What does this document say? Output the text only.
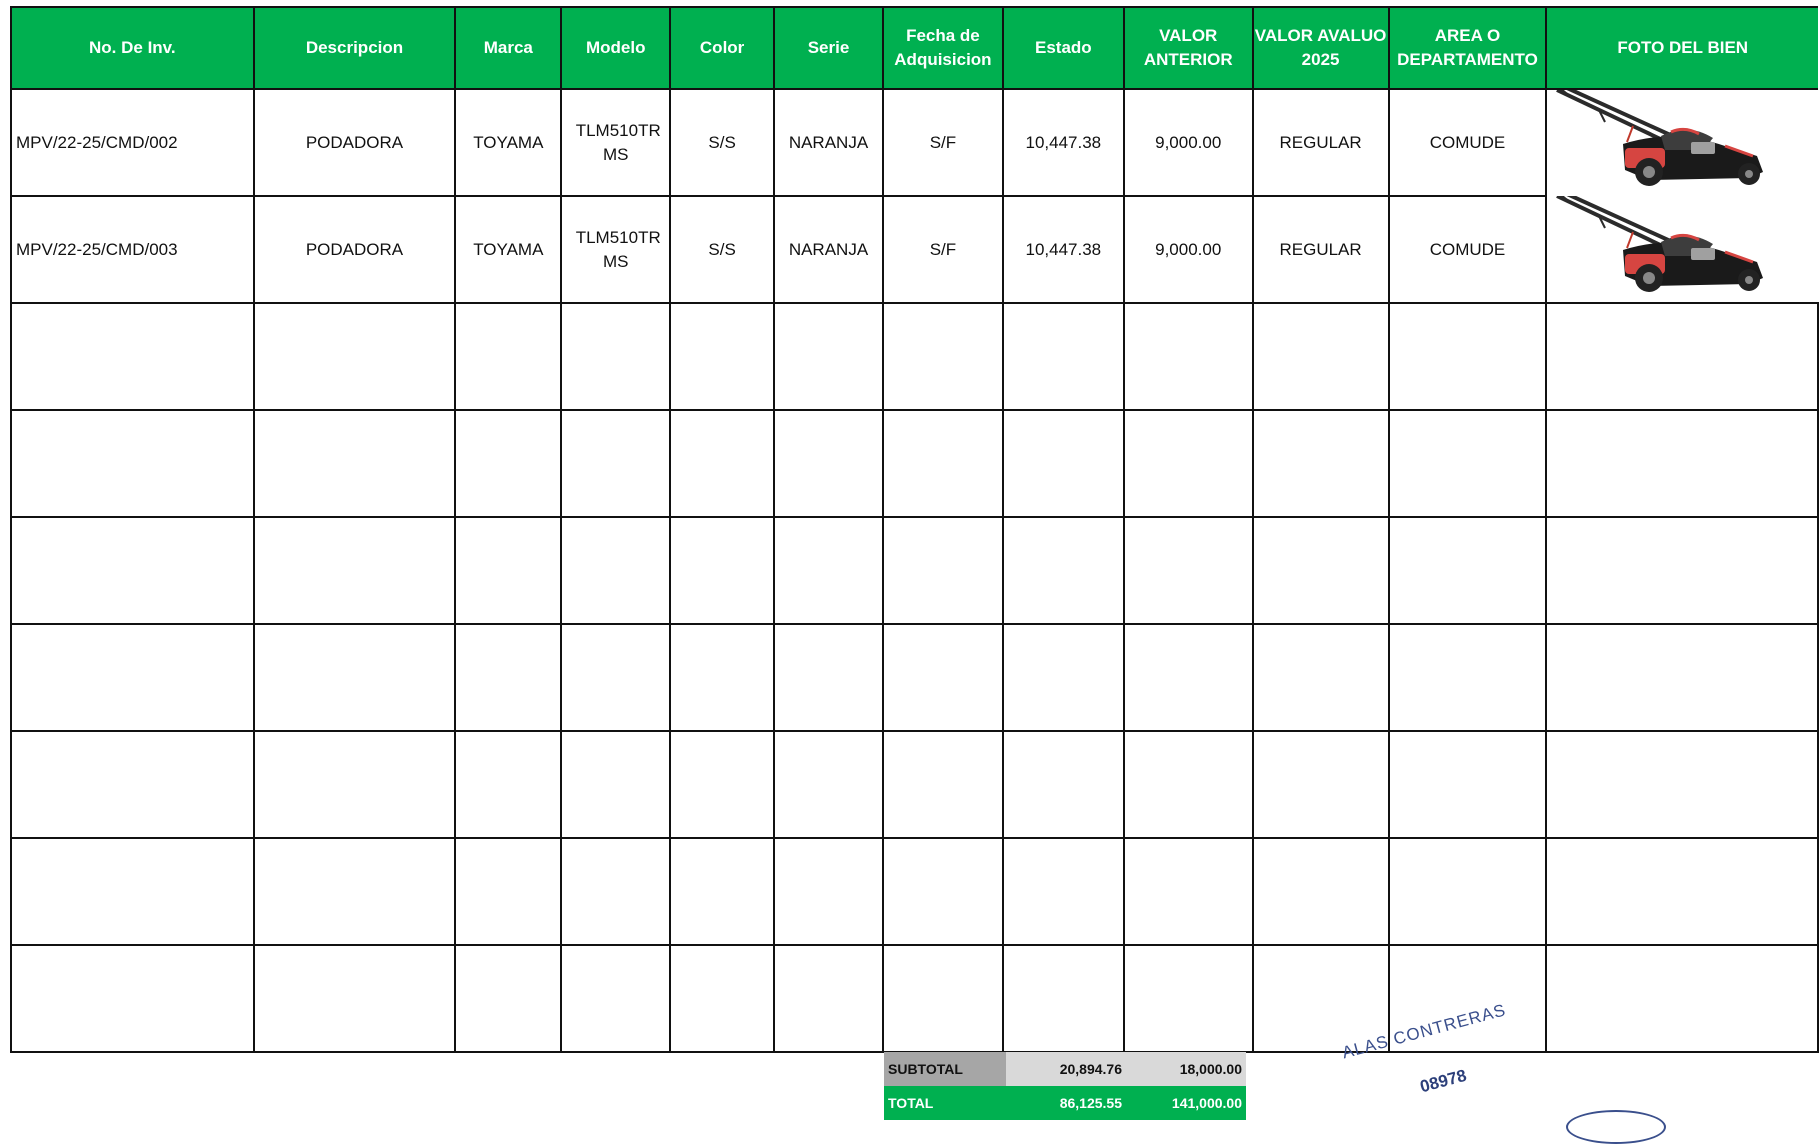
No. De Inv.	Descripcion	Marca	Modelo	Color	Serie	Fecha de Adquisicion	Estado	VALOR ANTERIOR	VALOR AVALUO 2025	AREA O DEPARTAMENTO	FOTO DEL BIEN
MPV/22-25/CMD/002	PODADORA	TOYAMA	TLM510TR MS	S/S	NARANJA	S/F	10,447.38	9,000.00	REGULAR	COMUDE	

MPV/22-25/CMD/003	PODADORA	TOYAMA	TLM510TR MS	S/S	NARANJA	S/F	10,447.38	9,000.00	REGULAR	COMUDE	

SUBTOTAL	20,894.76	18,000.00
TOTAL	86,125.55	141,000.00
ALAS CONTRERAS
08978
